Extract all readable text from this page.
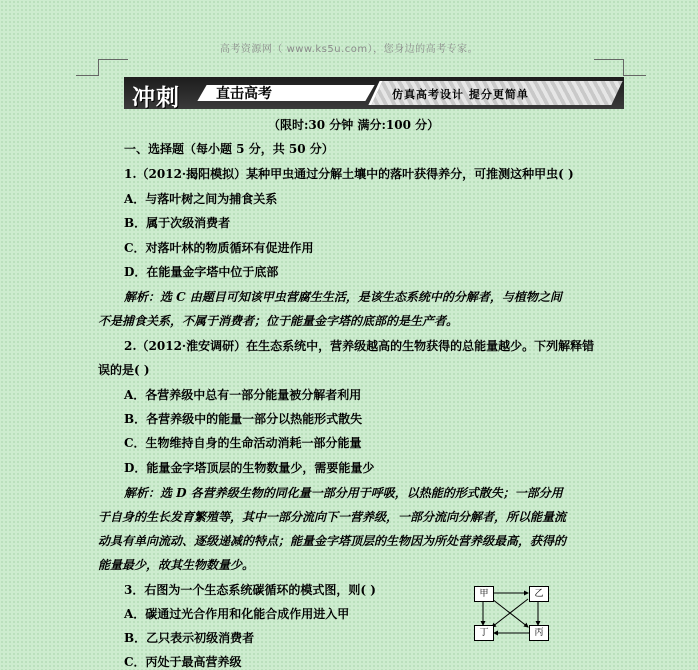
高考资源网（ www.ks5u.com），您身边的高考专家。
冲刺	直击高考	仿真高考设计 提分更简单
（限时:30 分钟 满分:100 分）
一、选择题（每小题 5 分，共 50 分）
1.（2012·揭阳模拟）某种甲虫通过分解土壤中的落叶获得养分，可推测这种甲虫( )
A．与落叶树之间为捕食关系
B．属于次级消费者
C．对落叶林的物质循环有促进作用
D．在能量金字塔中位于底部
解析：选 C 由题目可知该甲虫营腐生生活，是该生态系统中的分解者，与植物之间
不是捕食关系，不属于消费者；位于能量金字塔的底部的是生产者。
2.（2012·淮安调研）在生态系统中，营养级越高的生物获得的总能量越少。下列解释错
误的是( )
A．各营养级中总有一部分能量被分解者利用
B．各营养级中的能量一部分以热能形式散失
C．生物维持自身的生命活动消耗一部分能量
D．能量金字塔顶层的生物数量少，需要能量少
解析：选 D 各营养级生物的同化量一部分用于呼吸，以热能的形式散失；一部分用
于自身的生长发育繁殖等，其中一部分流向下一营养级，一部分流向分解者，所以能量流
动具有单向流动、逐级递减的特点；能量金字塔顶层的生物因为所处营养级最高，获得的
能量最少，故其生物数量少。
3．右图为一个生态系统碳循环的模式图，则( )
A．碳通过光合作用和化能合成作用进入甲
B．乙只表示初级消费者
C．丙处于最高营养级
甲	乙
丁	丙
